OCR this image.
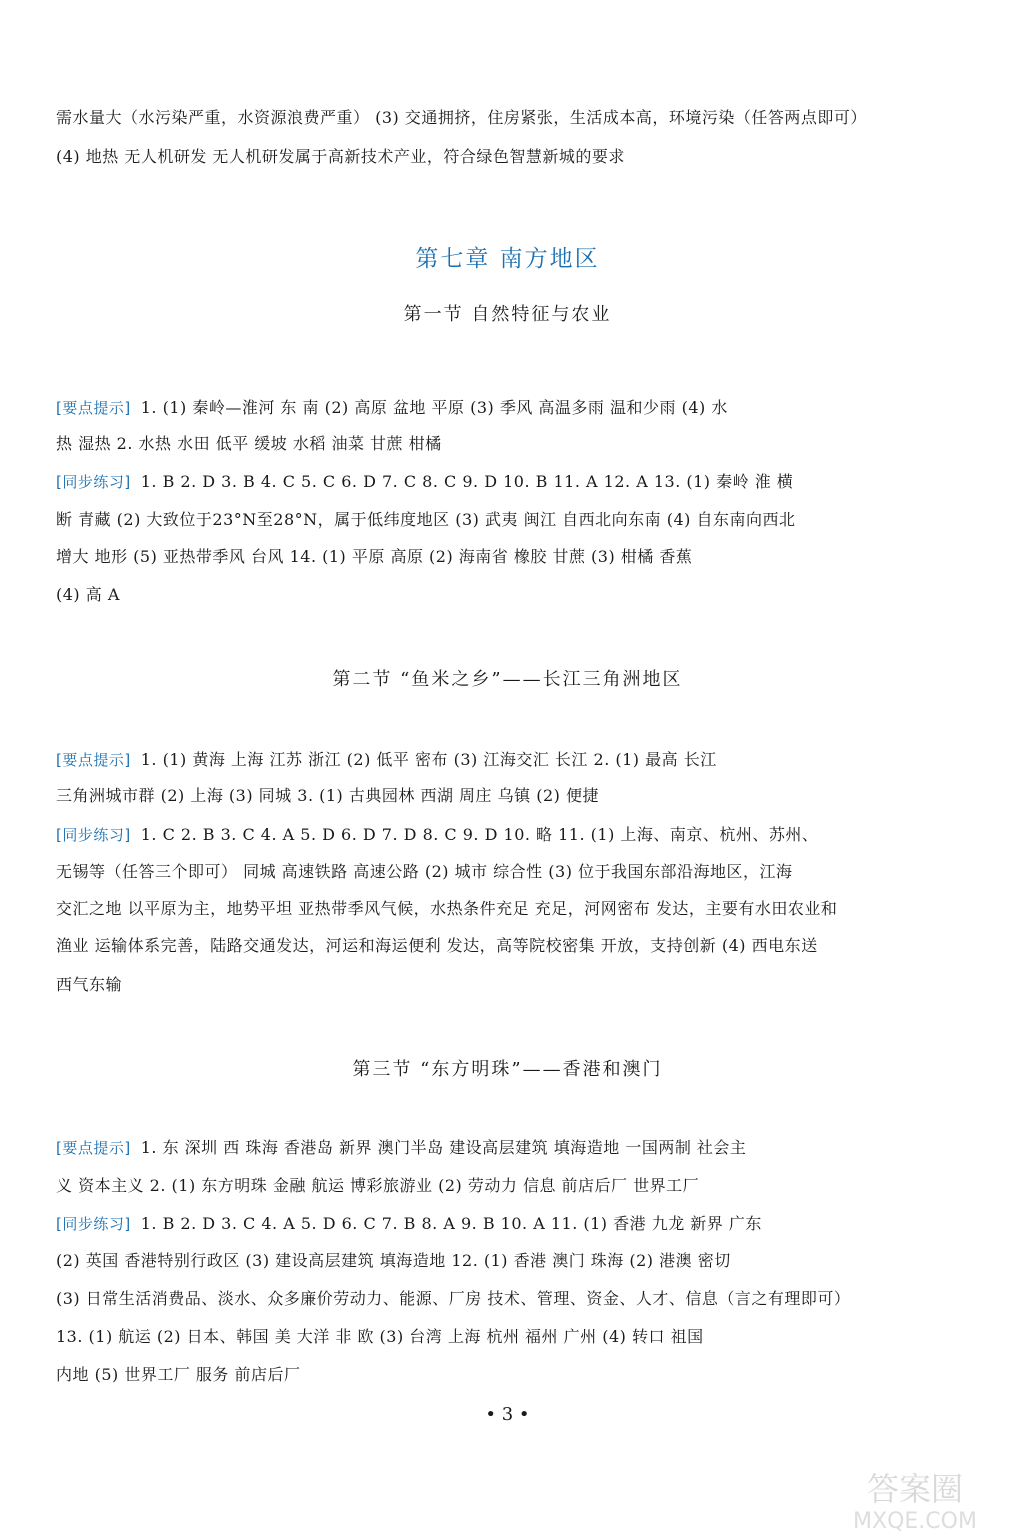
需水量大（水污染严重，水资源浪费严重） (3) 交通拥挤，住房紧张，生活成本高，环境污染（任答两点即可）
(4) 地热 无人机研发 无人机研发属于高新技术产业，符合绿色智慧新城的要求
第七章 南方地区
第一节 自然特征与农业
[要点提示] 1. (1) 秦岭—淮河 东 南 (2) 高原 盆地 平原 (3) 季风 高温多雨 温和少雨 (4) 水
热 湿热 2. 水热 水田 低平 缓坡 水稻 油菜 甘蔗 柑橘
[同步练习] 1. B 2. D 3. B 4. C 5. C 6. D 7. C 8. C 9. D 10. B 11. A 12. A 13. (1) 秦岭 淮 横
断 青藏 (2) 大致位于23°N至28°N，属于低纬度地区 (3) 武夷 闽江 自西北向东南 (4) 自东南向西北
增大 地形 (5) 亚热带季风 台风 14. (1) 平原 高原 (2) 海南省 橡胶 甘蔗 (3) 柑橘 香蕉
(4) 高 A
第二节 “鱼米之乡”——长江三角洲地区
[要点提示] 1. (1) 黄海 上海 江苏 浙江 (2) 低平 密布 (3) 江海交汇 长江 2. (1) 最高 长江
三角洲城市群 (2) 上海 (3) 同城 3. (1) 古典园林 西湖 周庄 乌镇 (2) 便捷
[同步练习] 1. C 2. B 3. C 4. A 5. D 6. D 7. D 8. C 9. D 10. 略 11. (1) 上海、南京、杭州、苏州、
无锡等（任答三个即可） 同城 高速铁路 高速公路 (2) 城市 综合性 (3) 位于我国东部沿海地区，江海
交汇之地 以平原为主，地势平坦 亚热带季风气候，水热条件充足 充足，河网密布 发达，主要有水田农业和
渔业 运输体系完善，陆路交通发达，河运和海运便利 发达，高等院校密集 开放，支持创新 (4) 西电东送
西气东输
第三节 “东方明珠”——香港和澳门
[要点提示] 1. 东 深圳 西 珠海 香港岛 新界 澳门半岛 建设高层建筑 填海造地 一国两制 社会主
义 资本主义 2. (1) 东方明珠 金融 航运 博彩旅游业 (2) 劳动力 信息 前店后厂 世界工厂
[同步练习] 1. B 2. D 3. C 4. A 5. D 6. C 7. B 8. A 9. B 10. A 11. (1) 香港 九龙 新界 广东
(2) 英国 香港特别行政区 (3) 建设高层建筑 填海造地 12. (1) 香港 澳门 珠海 (2) 港澳 密切
(3) 日常生活消费品、淡水、众多廉价劳动力、能源、厂房 技术、管理、资金、人才、信息（言之有理即可）
13. (1) 航运 (2) 日本、韩国 美 大洋 非 欧 (3) 台湾 上海 杭州 福州 广州 (4) 转口 祖国
内地 (5) 世界工厂 服务 前店后厂
• 3 •
答案圈
MXQE.COM
